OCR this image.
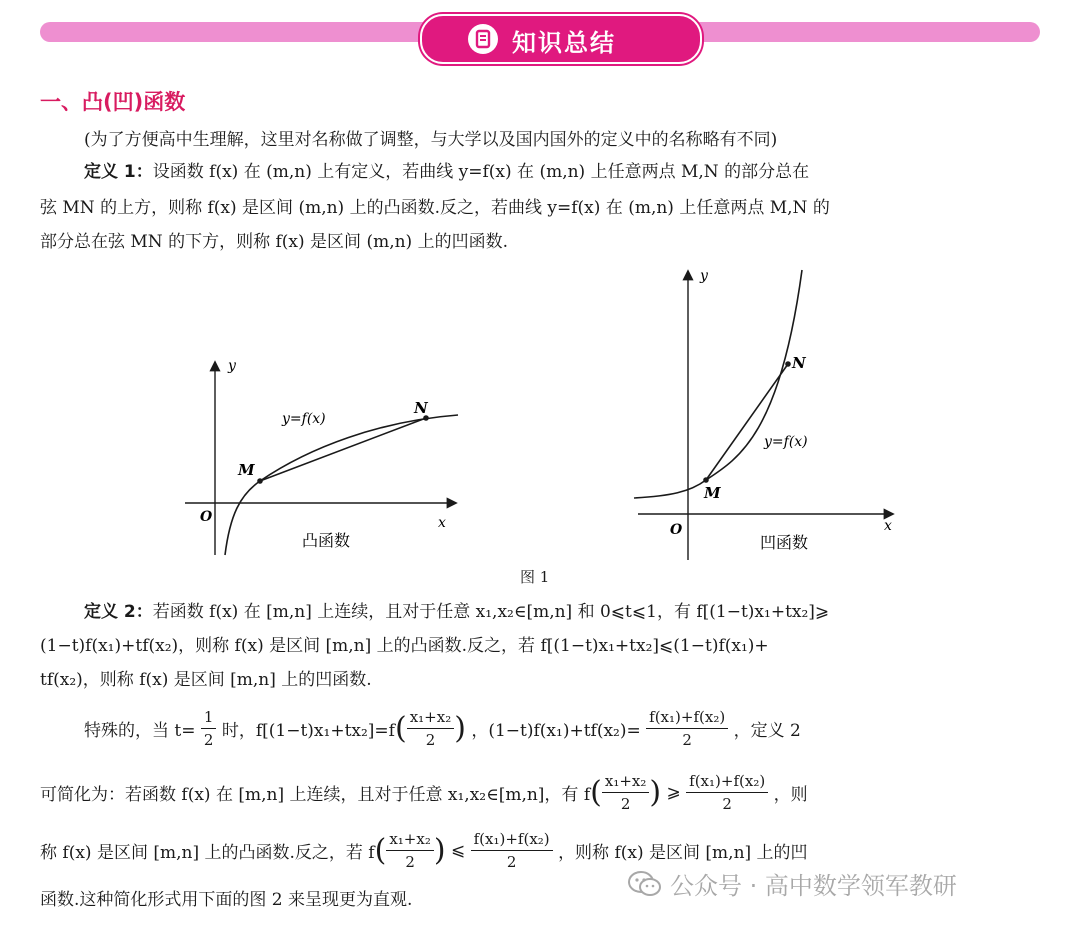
知识总结
一、凸(凹)函数
(为了方便高中生理解，这里对名称做了调整，与大学以及国内国外的定义中的名称略有不同)
定义 1：设函数 f(x) 在 (m,n) 上有定义，若曲线 y=f(x) 在 (m,n) 上任意两点 M,N 的部分总在
弦 MN 的上方，则称 f(x) 是区间 (m,n) 上的凸函数.反之，若曲线 y=f(x) 在 (m,n) 上任意两点 M,N 的
部分总在弦 MN 的下方，则称 f(x) 是区间 (m,n) 上的凹函数.
y
x
O
M
N
y=f(x)
凸函数
y
x
O
M
N
y=f(x)
凹函数
图 1
定义 2：若函数 f(x) 在 [m,n] 上连续，且对于任意 x₁,x₂∈[m,n] 和 0⩽t⩽1，有 f[(1−t)x₁+tx₂]⩾
(1−t)f(x₁)+tf(x₂)，则称 f(x) 是区间 [m,n] 上的凸函数.反之，若 f[(1−t)x₁+tx₂]⩽(1−t)f(x₁)+
tf(x₂)，则称 f(x) 是区间 [m,n] 上的凹函数.
特殊的，当 $t= \frac{1}{2}$ 时，$f[(1-t)x_1+tx_2]=f( \frac{\text{x₁+x₂}}{2}$ ) ，$(1-t)f(x_1)+tf(x_2)= \frac{\text{f(x₁)+f(x₂)}}{2}$ ，定义 2
可简化为：若函数 f(x) 在 [m,n] 上连续，且对于任意 x₁,x₂∈[m,n]，有 $f( \frac{\text{x₁+x₂}}{2}$ ) ⩾ $\frac{\text{f(x₁)+f(x₂)}}{2}$ ，则
称 f(x) 是区间 [m,n] 上的凸函数.反之，若 $f( \frac{\text{x₁+x₂}}{2}$ ) ⩽ $\frac{\text{f(x₁)+f(x₂)}}{2}$ ，则称 f(x) 是区间 [m,n] 上的凹
函数.这种简化形式用下面的图 2 来呈现更为直观.	公众号 · 高中数学领军教研
